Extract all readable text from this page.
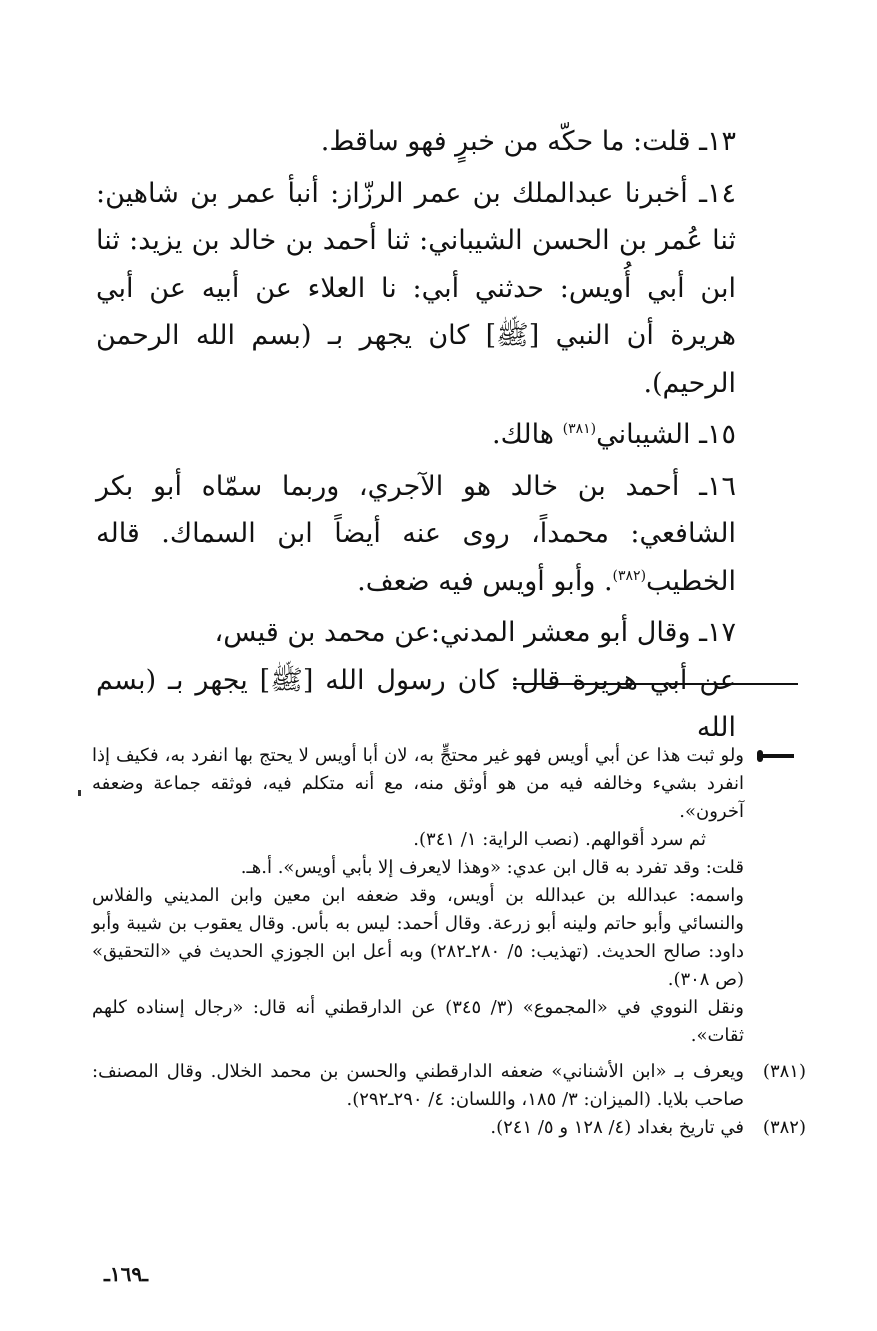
١٣ـ قلت: ما حكّه من خبرٍ فهو ساقط.

١٤ـ أخبرنا عبدالملك بن عمر الرزّاز: أنبأ عمر بن شاهين: ثنا عُمر بن الحسن الشيباني: ثنا أحمد بن خالد بن يزيد: ثنا ابن أبي أُويس: حدثني أبي: نا العلاء عن أبيه عن أبي هريرة أن النبي [ﷺ] كان يجهر بـ (بسم الله الرحمن الرحيم).

١٥ـ الشيباني$^{(٣٨١)}$ هالك.

١٦ـ أحمد بن خالد هو الآجري، وربما سمّاه أبو بكر الشافعي: محمداً، روى عنه أيضاً ابن السماك. قاله الخطيب$^{(٣٨٢)}$. وأبو أويس فيه ضعف.

١٧ـ وقال أبو معشر المدني:عن محمد بن قيس،
عن أبي هريرة قال: كان رسول الله [ﷺ] يجهر بـ (بسم الله

ولو ثبت هذا عن أبي أويس فهو غير محتجٍّ به، لان أبا أويس لا يحتج بها انفرد به، فكيف إذا انفرد بشيء وخالفه فيه من هو أوثق منه، مع أنه متكلم فيه، فوثقه جماعة وضعفه آخرون».

ثم سرد أقوالهم. (نصب الراية: ١/ ٣٤١).

قلت: وقد تفرد به قال ابن عدي: «وهذا لايعرف إلا بأبي أويس». أ.هـ.

واسمه: عبدالله بن عبدالله بن أويس، وقد ضعفه ابن معين وابن المديني والفلاس والنسائي وأبو حاتم ولينه أبو زرعة. وقال أحمد: ليس به بأس. وقال يعقوب بن شيبة وأبو داود: صالح الحديث. (تهذيب: ٥/ ٢٨٠ـ٢٨٢) وبه أعل ابن الجوزي الحديث في «التحقيق» (ص ٣٠٨).

ونقل النووي في «المجموع» (٣/ ٣٤٥) عن الدارقطني أنه قال: «رجال إسناده كلهم ثقات».

(٣٨١)
ويعرف بـ «ابن الأشناني» ضعفه الدارقطني والحسن بن محمد الخلال. وقال المصنف: صاحب بلايا. (الميزان: ٣/ ١٨٥، واللسان: ٤/ ٢٩٠ـ٢٩٢).
(٣٨٢)
في تاريخ بغداد (٤/ ١٢٨ و ٥/ ٢٤١).
ـ١٦٩ـ
